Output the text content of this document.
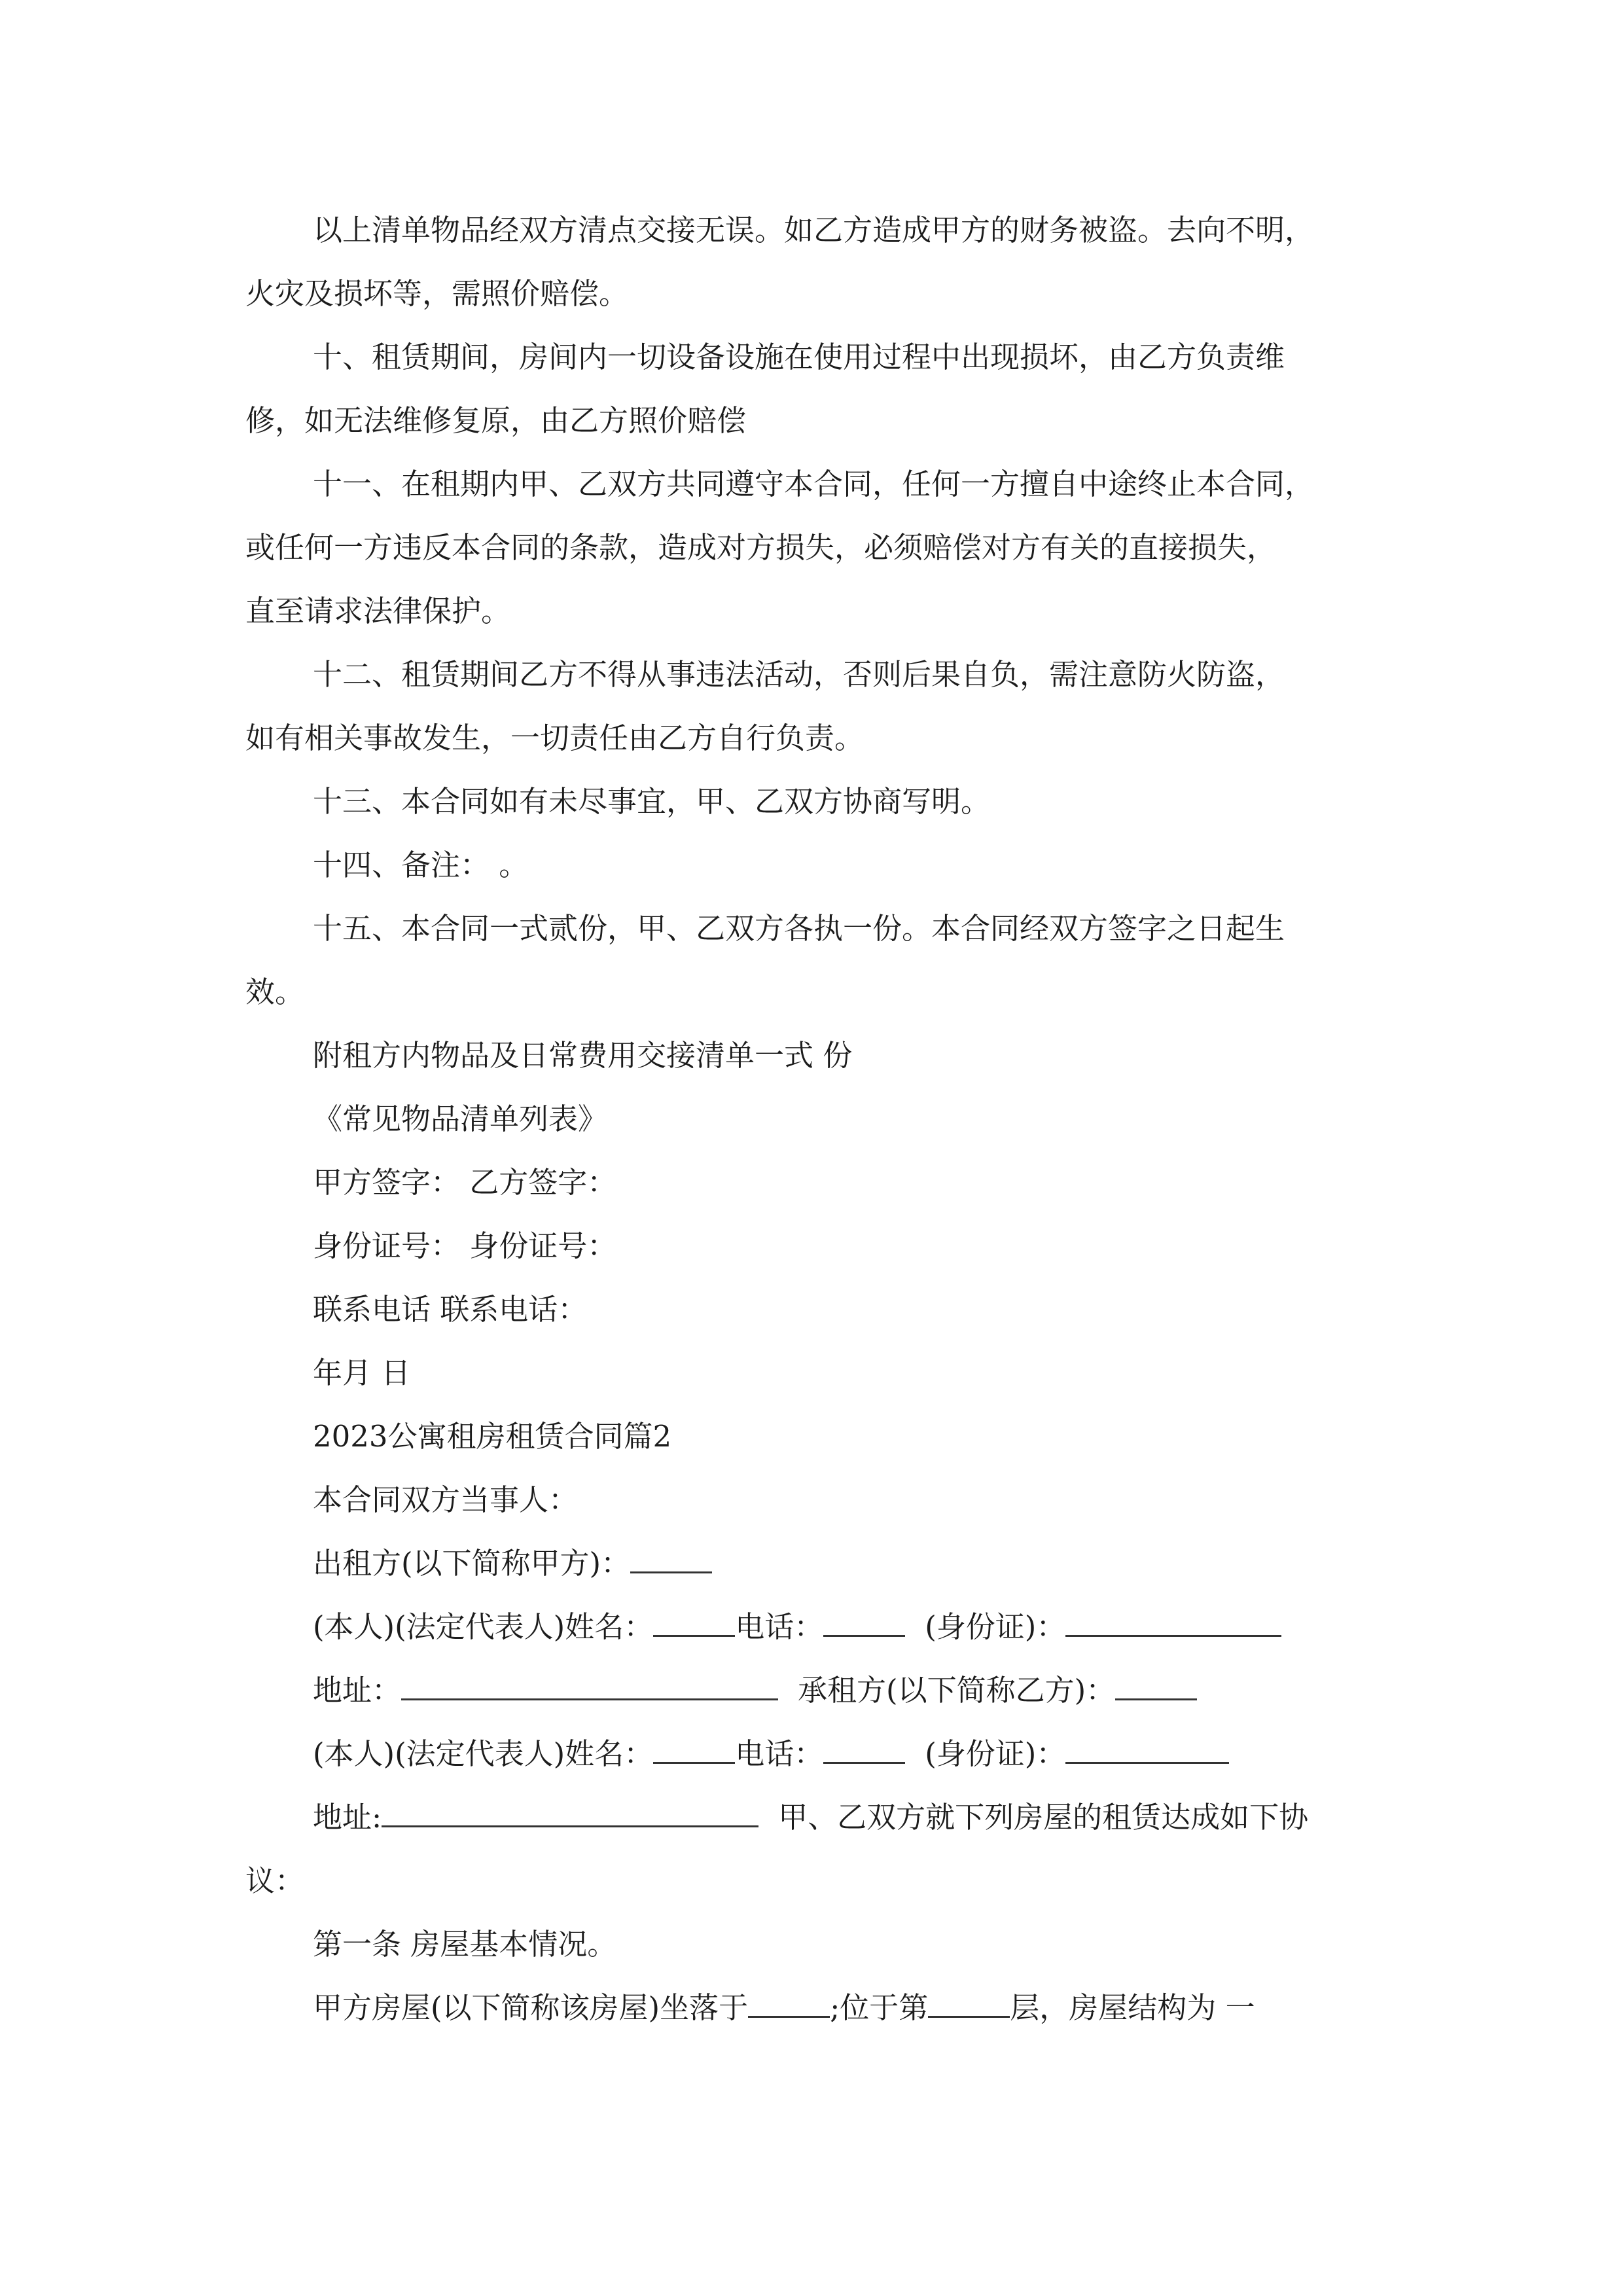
以上清单物品经双方清点交接无误。如乙方造成甲方的财务被盗。去向不明，
火灾及损坏等，需照价赔偿。
十、租赁期间，房间内一切设备设施在使用过程中出现损坏，由乙方负责维
修，如无法维修复原，由乙方照价赔偿
十一、在租期内甲、乙双方共同遵守本合同，任何一方擅自中途终止本合同，
或任何一方违反本合同的条款，造成对方损失，必须赔偿对方有关的直接损失，
直至请求法律保护。
十二、租赁期间乙方不得从事违法活动，否则后果自负，需注意防火防盗，
如有相关事故发生，一切责任由乙方自行负责。
十三、本合同如有未尽事宜，甲、乙双方协商写明。
十四、备注： 。
十五、本合同一式贰份，甲、乙双方各执一份。本合同经双方签字之日起生
效。
附租方内物品及日常费用交接清单一式 份
《常见物品清单列表》
甲方签字： 乙方签字：
身份证号： 身份证号：
联系电话 联系电话：
年月 日
2023公寓租房租赁合同篇2
本合同双方当事人：
出租方(以下简称甲方)：
(本人)(法定代表人)姓名：	电话：	(身份证)：
地址：	承租方(以下简称乙方)：
(本人)(法定代表人)姓名：	电话：	(身份证)：
地址:	甲、乙双方就下列房屋的租赁达成如下协
议：
第一条 房屋基本情况。
甲方房屋(以下简称该房屋)坐落于	;位于第	层，房屋结构为 一
